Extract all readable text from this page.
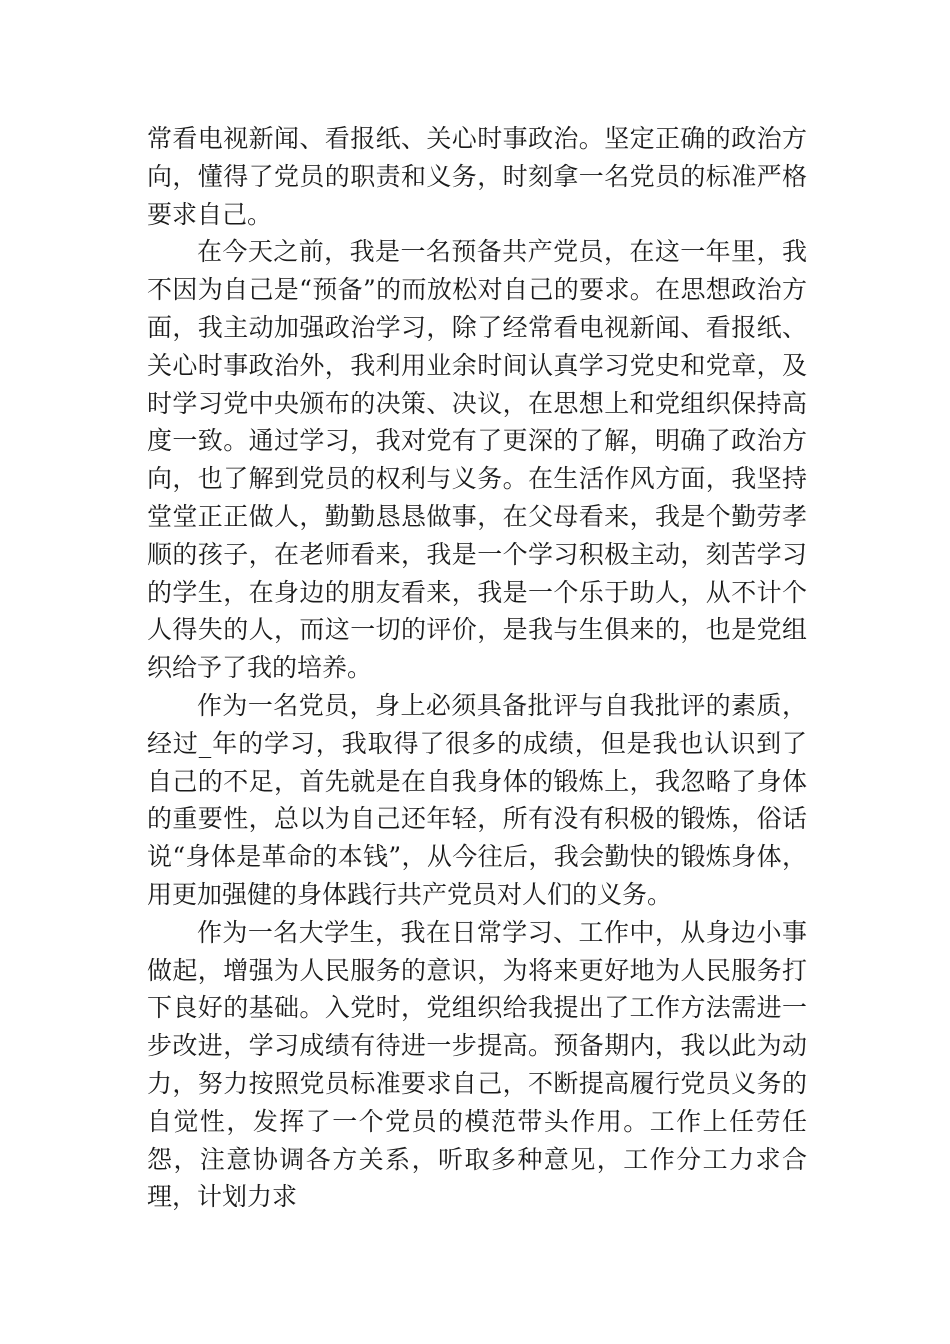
常看电视新闻、看报纸、关心时事政治。坚定正确的政治方向，懂得了党员的职责和义务，时刻拿一名党员的标准严格要求自己。

在今天之前，我是一名预备共产党员，在这一年里，我不因为自己是“预备”的而放松对自己的要求。在思想政治方面，我主动加强政治学习，除了经常看电视新闻、看报纸、关心时事政治外，我利用业余时间认真学习党史和党章，及时学习党中央颁布的决策、决议，在思想上和党组织保持高度一致。通过学习，我对党有了更深的了解，明确了政治方向，也了解到党员的权利与义务。在生活作风方面，我坚持堂堂正正做人，勤勤恳恳做事，在父母看来，我是个勤劳孝顺的孩子，在老师看来，我是一个学习积极主动，刻苦学习的学生，在身边的朋友看来，我是一个乐于助人，从不计个人得失的人，而这一切的评价，是我与生俱来的，也是党组织给予了我的培养。

作为一名党员，身上必须具备批评与自我批评的素质，经过_年的学习，我取得了很多的成绩，但是我也认识到了自己的不足，首先就是在自我身体的锻炼上，我忽略了身体的重要性，总以为自己还年轻，所有没有积极的锻炼，俗话说“身体是革命的本钱”，从今往后，我会勤快的锻炼身体，用更加强健的身体践行共产党员对人们的义务。

作为一名大学生，我在日常学习、工作中，从身边小事做起，增强为人民服务的意识，为将来更好地为人民服务打下良好的基础。入党时，党组织给我提出了工作方法需进一步改进，学习成绩有待进一步提高。预备期内，我以此为动力，努力按照党员标准要求自己，不断提高履行党员义务的自觉性，发挥了一个党员的模范带头作用。工作上任劳任怨，注意协调各方关系，听取多种意见，工作分工力求合理，计划力求
